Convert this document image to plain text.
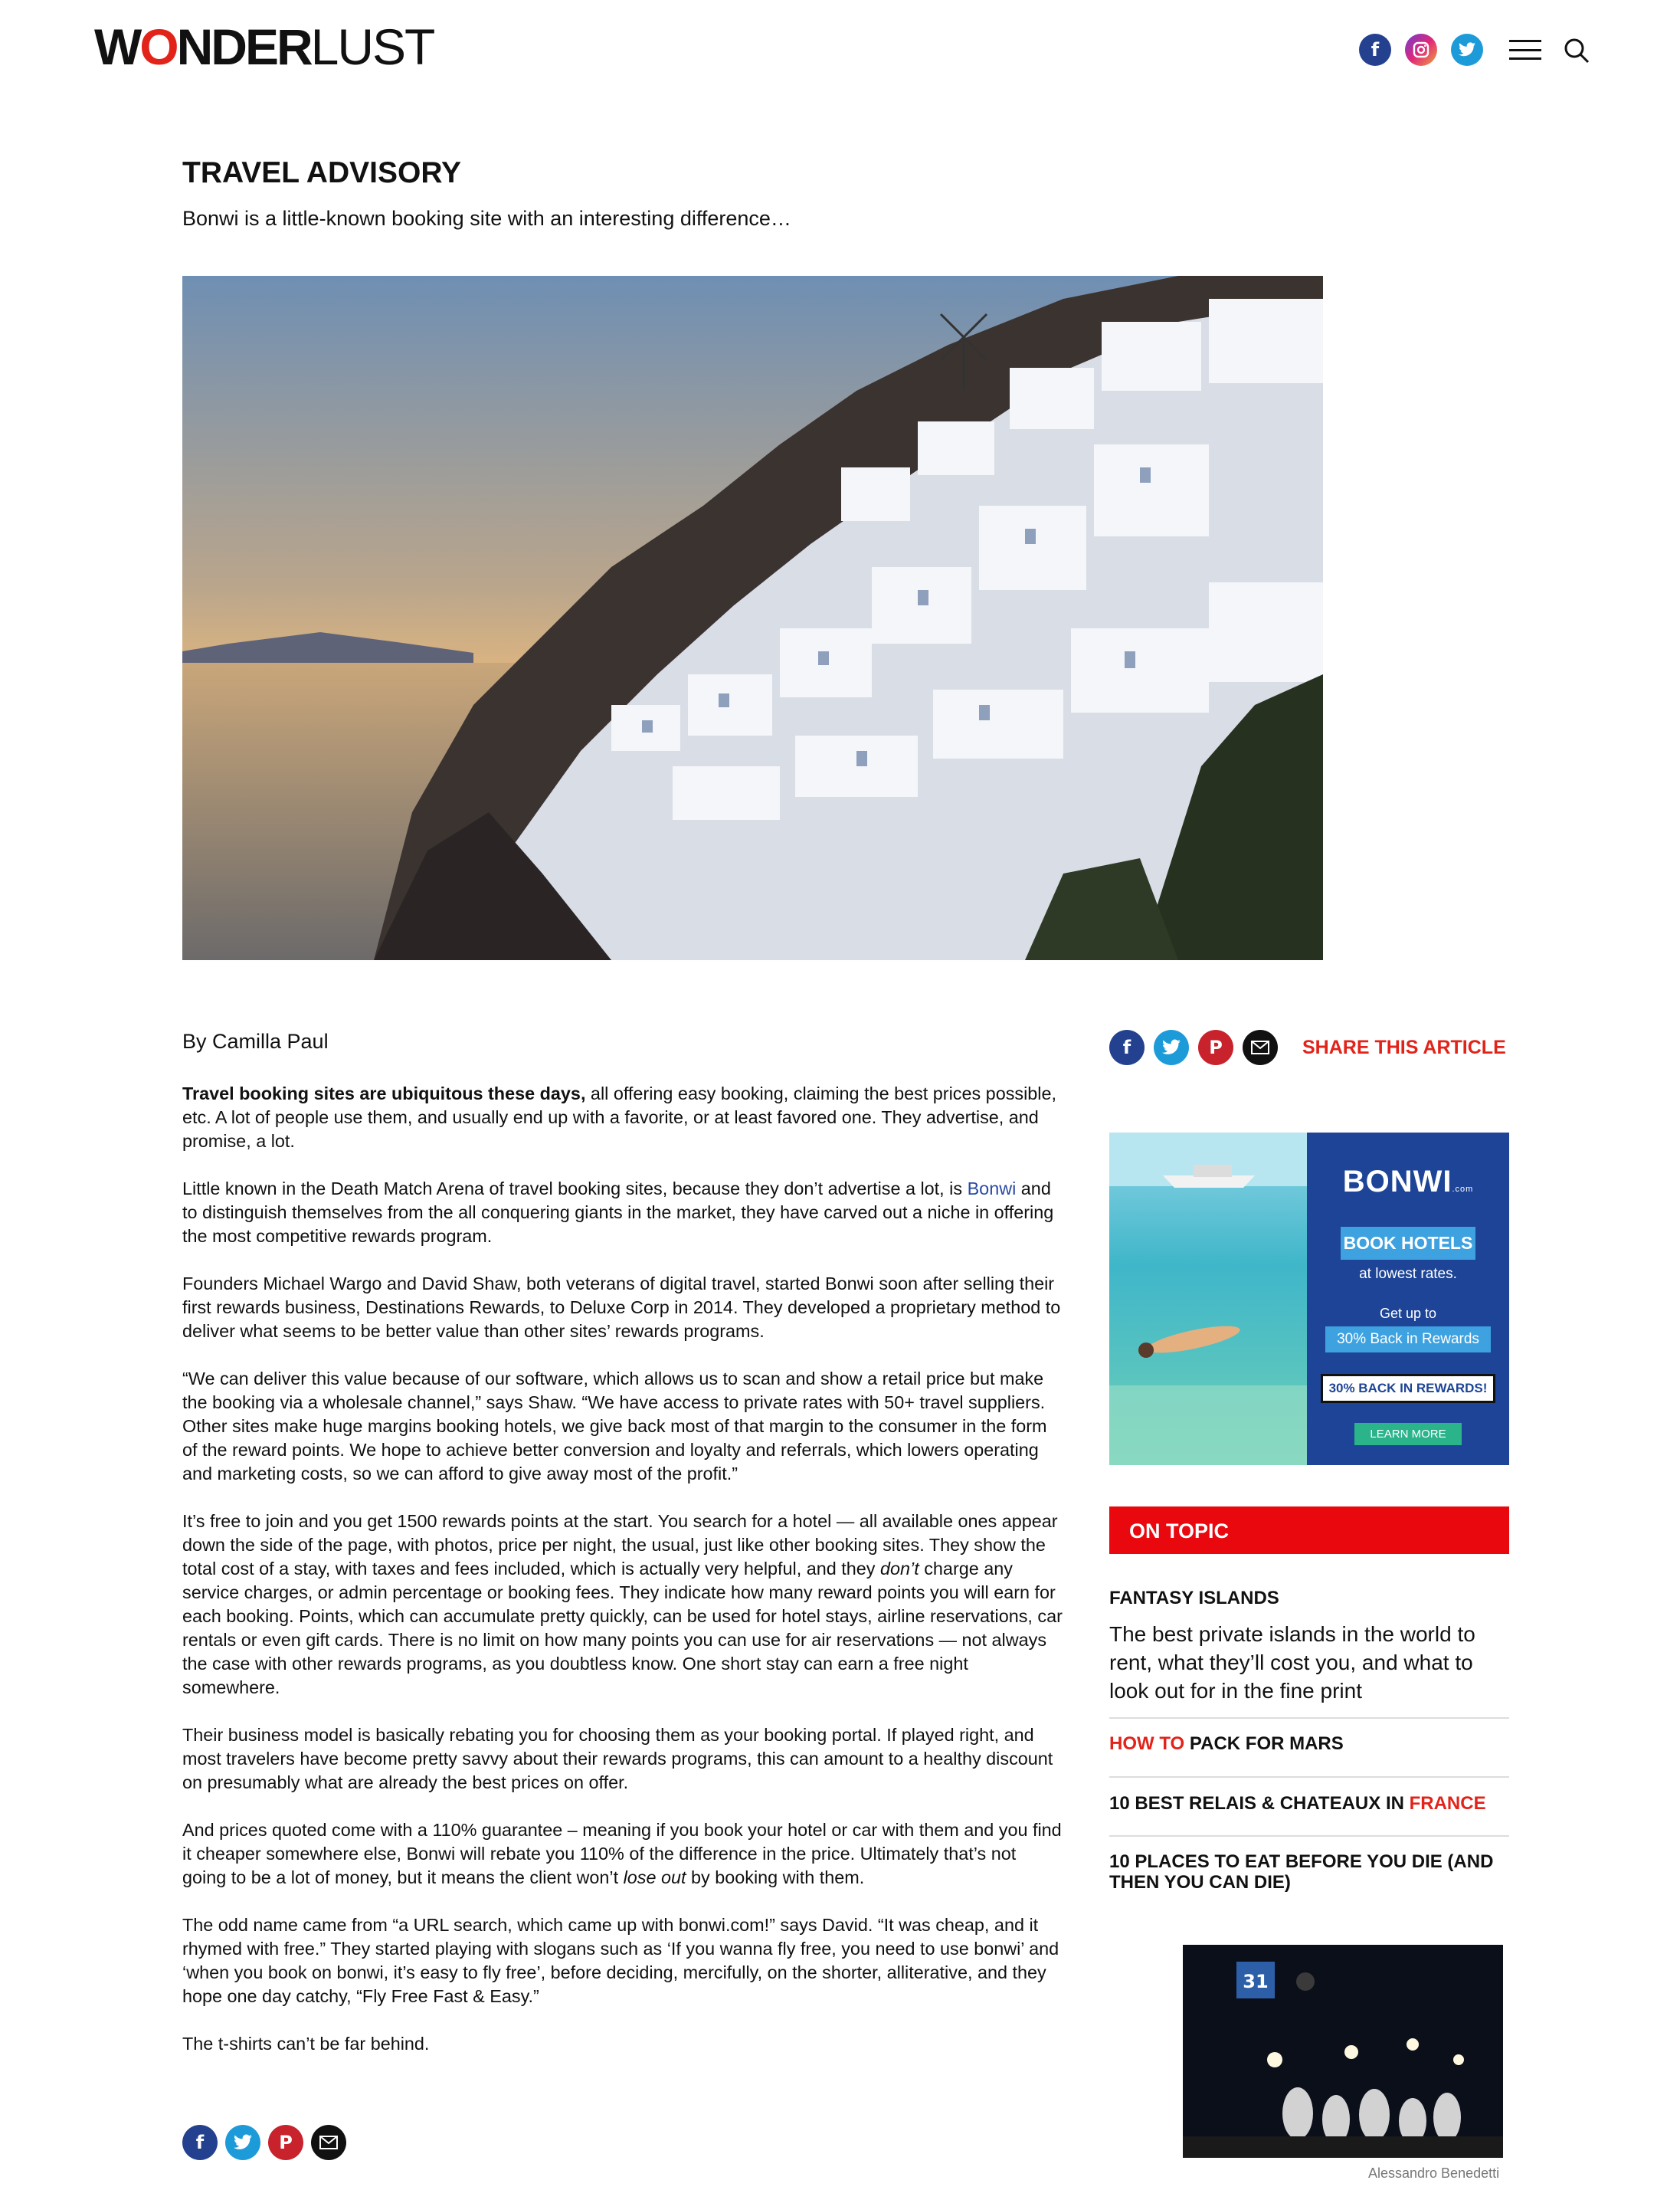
WONDERLUST	f
TRAVEL ADVISORY
Bonwi is a little-known booking site with an interesting difference…
By Camilla Paul	f	P	SHARE THIS ARTICLE

Travel booking sites are ubiquitous these days, all offering easy booking, claiming the best prices possible, etc. A lot of people use them, and usually end up with a favorite, or at least favored one. They advertise, and promise, a lot.

Little known in the Death Match Arena of travel booking sites, because they don’t advertise a lot, is Bonwi and to distinguish themselves from the all conquering giants in the market, they have carved out a niche in offering the most competitive rewards program.

Founders Michael Wargo and David Shaw, both veterans of digital travel, started Bonwi soon after selling their first rewards business, Destinations Rewards, to Deluxe Corp in 2014. They developed a proprietary method to deliver what seems to be better value than other sites’ rewards programs.

“We can deliver this value because of our software, which allows us to scan and show a retail price but make the booking via a wholesale channel,” says Shaw. “We have access to private rates with 50+ travel suppliers. Other sites make huge margins booking hotels, we give back most of that margin to the consumer in the form of the reward points. We hope to achieve better conversion and loyalty and referrals, which lowers operating and marketing costs, so we can afford to give away most of the profit.”

It’s free to join and you get 1500 rewards points at the start. You search for a hotel — all available ones appear down the side of the page, with photos, price per night, the usual, just like other booking sites. They show the total cost of a stay, with taxes and fees included, which is actually very helpful, and they don’t charge any service charges, or admin percentage or booking fees. They indicate how many reward points you will earn for each booking. Points, which can accumulate pretty quickly, can be used for hotel stays, airline reservations, car rentals or even gift cards. There is no limit on how many points you can use for air reservations — not always the case with other rewards programs, as you doubtless know. One short stay can earn a free night somewhere.

Their business model is basically rebating you for choosing them as your booking portal. If played right, and most travelers have become pretty savvy about their rewards programs, this can amount to a healthy discount on presumably what are already the best prices on offer.

And prices quoted come with a 110% guarantee – meaning if you book your hotel or car with them and you find it cheaper somewhere else, Bonwi will rebate you 110% of the difference in the price. Ultimately that’s not going to be a lot of money, but it means the client won’t lose out by booking with them.

The odd name came from “a URL search, which came up with bonwi.com!” says David. “It was cheap, and it rhymed with free.” They started playing with slogans such as ‘If you wanna fly free, you need to use bonwi’ and ‘when you book on bonwi, it’s easy to fly free’, before deciding, mercifully, on the shorter, alliterative, and they hope one day catchy, “Fly Free Fast & Easy.”

The t-shirts can’t be far behind.

f	P
BONWI.com
BOOK HOTELS
at lowest rates.
Get up to
30% Back in Rewards
30% BACK IN REWARDS!
LEARN MORE
ON TOPIC
FANTASY ISLANDS
The best private islands in the world to rent, what they’ll cost you, and what to look out for in the fine print
HOW TO PACK FOR MARS
10 BEST RELAIS & CHATEAUX IN FRANCE
10 PLACES TO EAT BEFORE YOU DIE (AND THEN YOU CAN DIE)
31
Alessandro Benedetti
